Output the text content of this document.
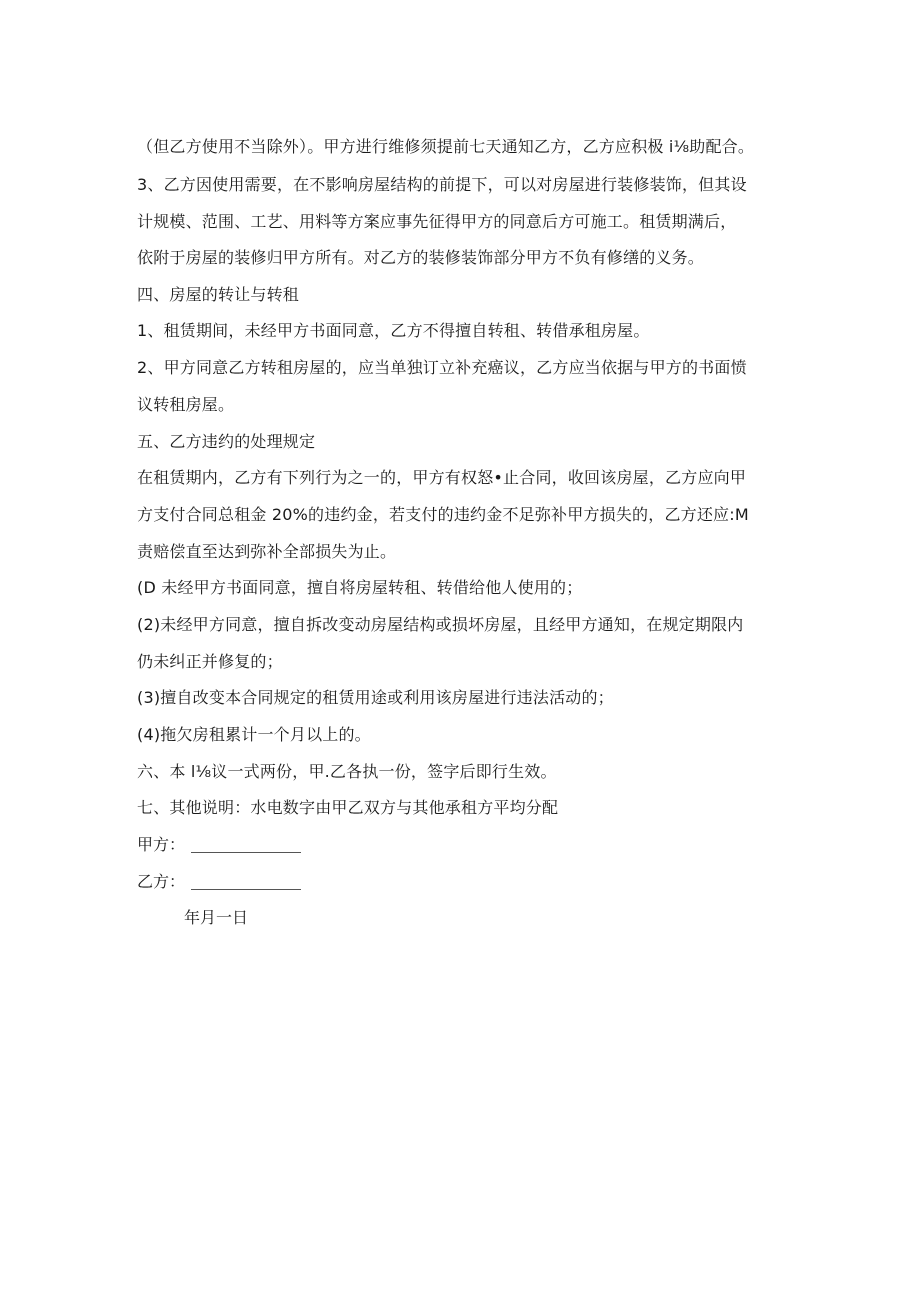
（但乙方使用不当除外）。甲方进行维修须提前七天通知乙方，乙方应积极 i⅛助配合。
3、乙方因使用需要，在不影响房屋结构的前提下，可以对房屋进行装修装饰，但其设
计规模、范围、工艺、用料等方案应事先征得甲方的同意后方可施工。租赁期满后，
依附于房屋的装修归甲方所有。对乙方的装修装饰部分甲方不负有修缮的义务。
四、房屋的转让与转租
1、租赁期间，未经甲方书面同意，乙方不得擅自转租、转借承租房屋。
2、甲方同意乙方转租房屋的，应当单独订立补充癌议，乙方应当依据与甲方的书面愤
议转租房屋。
五、乙方违约的处理规定
在租赁期内，乙方有下列行为之一的，甲方有权怒•止合同，收回该房屋，乙方应向甲
方支付合同总租金 20%的违约金，若支付的违约金不足弥补甲方损失的，乙方还应:M
责赔偿直至达到弥补全部损失为止。
(D 未经甲方书面同意，擅自将房屋转租、转借给他人使用的；
(2)未经甲方同意，擅自拆改变动房屋结构或损坏房屋，且经甲方通知，在规定期限内
仍未纠正并修复的；
(3)擅自改变本合同规定的租赁用途或利用该房屋进行违法活动的；
(4)拖欠房租累计一个月以上的。
六、本 l⅛议一式两份，甲.乙各执一份，签字后即行生效。
七、其他说明：水电数字由甲乙双方与其他承租方平均分配
甲方：
乙方：
年月一日
